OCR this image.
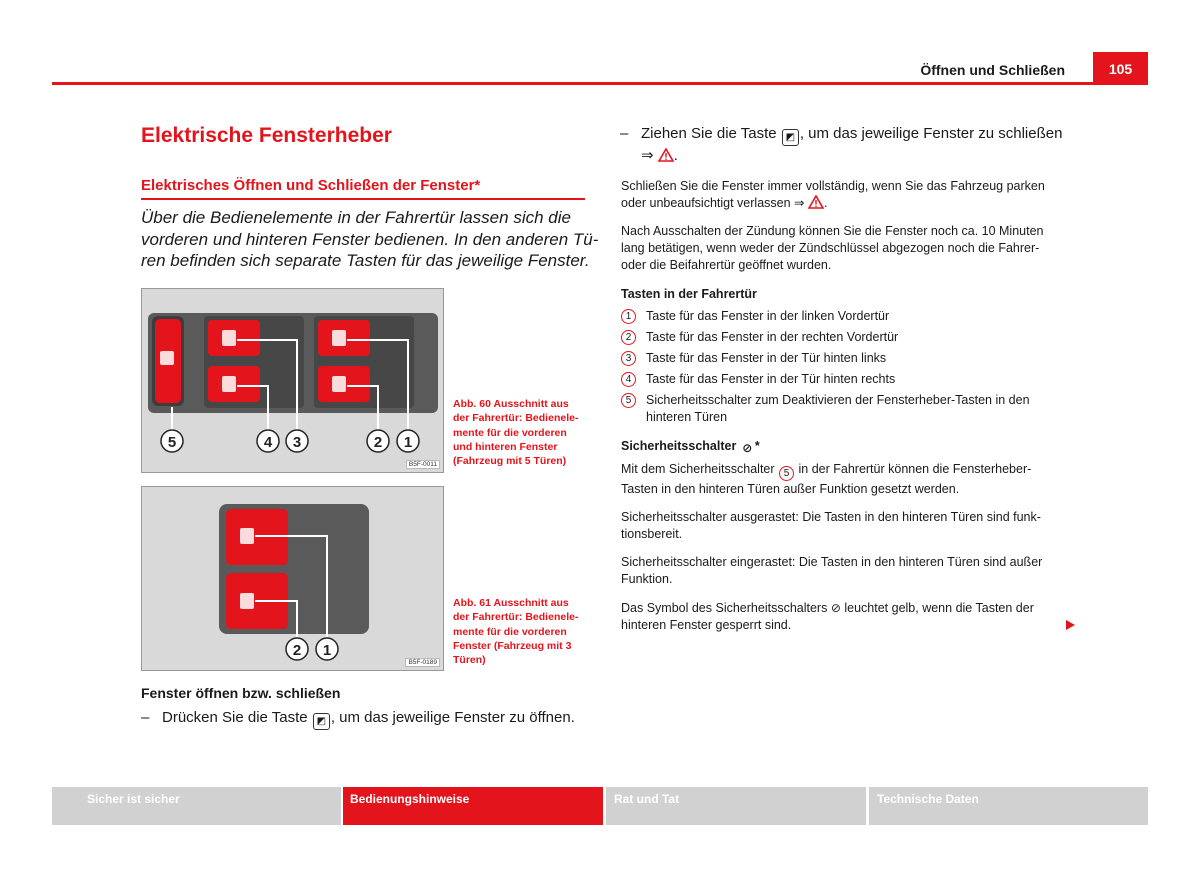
Öffnen und Schließen	105
Elektrische Fensterheber
Elektrisches Öffnen und Schließen der Fenster*
Über die Bedienelemente in der Fahrertür lassen sich die
vorderen und hinteren Fenster bedienen. In den anderen Tü-
ren befinden sich separate Tasten für das jeweilige Fenster.
5	4 3	2 1
B5F-0011
Abb. 60 Ausschnitt aus
der Fahrertür: Bedienele-
mente für die vorderen
und hinteren Fenster
(Fahrzeug mit 5 Türen)
2 1
B5F-0189
Abb. 61 Ausschnitt aus
der Fahrertür: Bedienele-
mente für die vorderen
Fenster (Fahrzeug mit 3
Türen)
Fenster öffnen bzw. schließen
– Drücken Sie die Taste ◩ , um das jeweilige Fenster zu öffnen.
– Ziehen Sie die Taste ◩ , um das jeweilige Fenster zu schließen
⇒ .
Schließen Sie die Fenster immer vollständig, wenn Sie das Fahrzeug parken
oder unbeaufsichtigt verlassen ⇒ .
Nach Ausschalten der Zündung können Sie die Fenster noch ca. 10 Minuten
lang betätigen, wenn weder der Zündschlüssel abgezogen noch die Fahrer-
oder die Beifahrertür geöffnet wurden.
Tasten in der Fahrertür
1	Taste für das Fenster in der linken Vordertür
2	Taste für das Fenster in der rechten Vordertür
3	Taste für das Fenster in der Tür hinten links
4	Taste für das Fenster in der Tür hinten rechts
5	Sicherheitsschalter zum Deaktivieren der Fensterheber-Tasten in den
hinteren Türen
Sicherheitsschalter ⊘ *
Mit dem Sicherheitsschalter 5 in der Fahrertür können die Fensterheber-
Tasten in den hinteren Türen außer Funktion gesetzt werden.
Sicherheitsschalter ausgerastet: Die Tasten in den hinteren Türen sind funk-
tionsbereit.
Sicherheitsschalter eingerastet: Die Tasten in den hinteren Türen sind außer
Funktion.
Das Symbol des Sicherheitsschalters ⊘ leuchtet gelb, wenn die Tasten der
hinteren Fenster gesperrt sind.
Sicher ist sicher	Bedienungshinweise	Rat und Tat	Technische Daten
